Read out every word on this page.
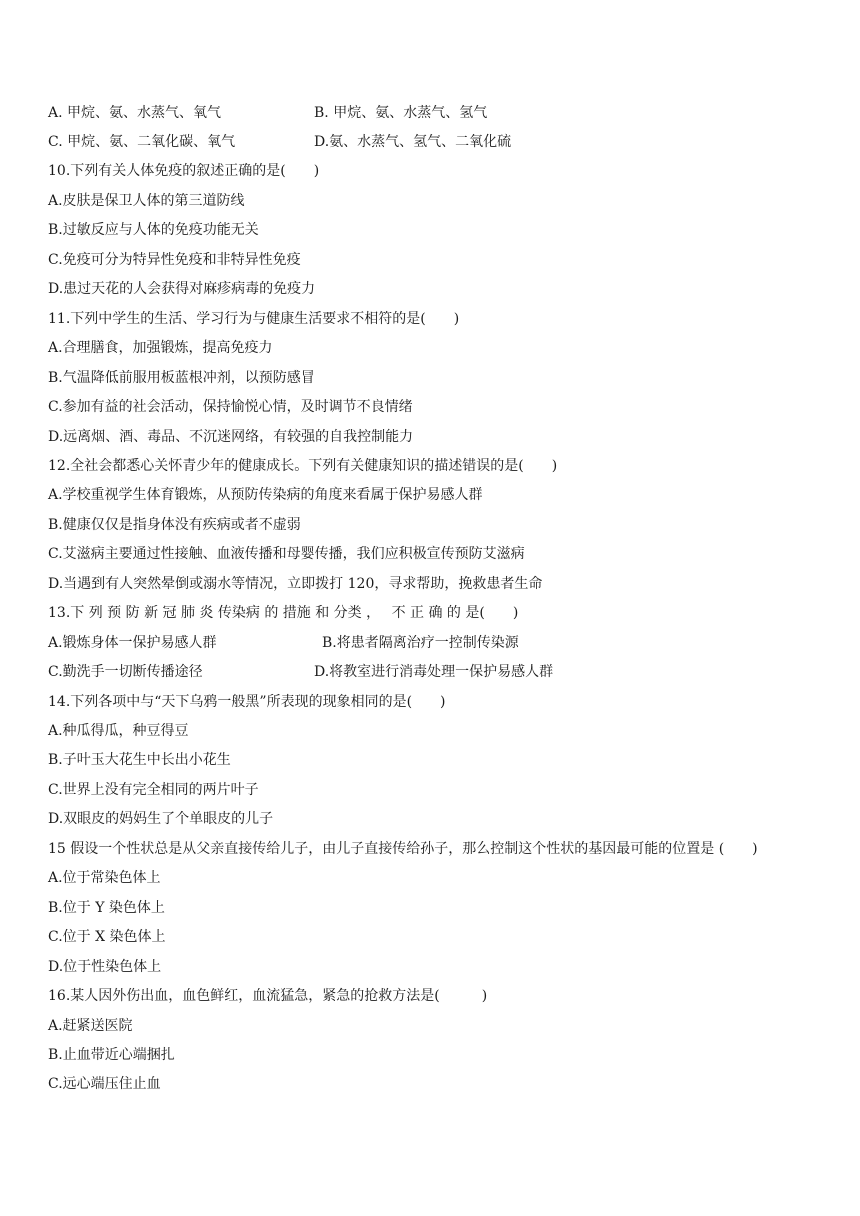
A. 甲烷、氨、水蒸气、氧气	B. 甲烷、氨、水蒸气、氢气
C. 甲烷、氨、二氧化碳、氧气	D.氨、水蒸气、氢气、二氧化硫
10.下列有关人体免疫的叙述正确的是(　　)
A.皮肤是保卫人体的第三道防线
B.过敏反应与人体的免疫功能无关
C.免疫可分为特异性免疫和非特异性免疫
D.患过天花的人会获得对麻疹病毒的免疫力
11.下列中学生的生活、学习行为与健康生活要求不相符的是(　　)
A.合理膳食，加强锻炼，提高免疫力
B.气温降低前服用板蓝根冲剂，以预防感冒
C.参加有益的社会活动，保持愉悦心情，及时调节不良情绪
D.远离烟、酒、毒品、不沉迷网络，有较强的自我控制能力
12.全社会都悉心关怀青少年的健康成长。下列有关健康知识的描述错误的是(　　)
A.学校重视学生体育锻炼，从预防传染病的角度来看属于保护易感人群
B.健康仅仅是指身体没有疾病或者不虚弱
C.艾滋病主要通过性接触、血液传播和母婴传播，我们应积极宣传预防艾滋病
D.当遇到有人突然晕倒或溺水等情况，立即拨打 120，寻求帮助，挽救患者生命
13.下 列 预 防 新 冠 肺 炎 传染病 的 措施 和 分类 ，　 不 正 确 的 是(　　)
A.锻炼身体一保护易感人群	B.将患者隔离治疗一控制传染源
C.勤洗手一切断传播途径	D.将教室进行消毒处理一保护易感人群
14.下列各项中与“天下乌鸦一般黑”所表现的现象相同的是(　　)
A.种瓜得瓜，种豆得豆
B.子叶玉大花生中长出小花生
C.世界上没有完全相同的两片叶子
D.双眼皮的妈妈生了个单眼皮的儿子
15 假设一个性状总是从父亲直接传给儿子，由儿子直接传给孙子，那么控制这个性状的基因最可能的位置是 (　　)
A.位于常染色体上
B.位于 Y 染色体上
C.位于 X 染色体上
D.位于性染色体上
16.某人因外伤出血，血色鲜红，血流猛急，紧急的抢救方法是(　　　)
A.赶紧送医院
B.止血带近心端捆扎
C.远心端压住止血
